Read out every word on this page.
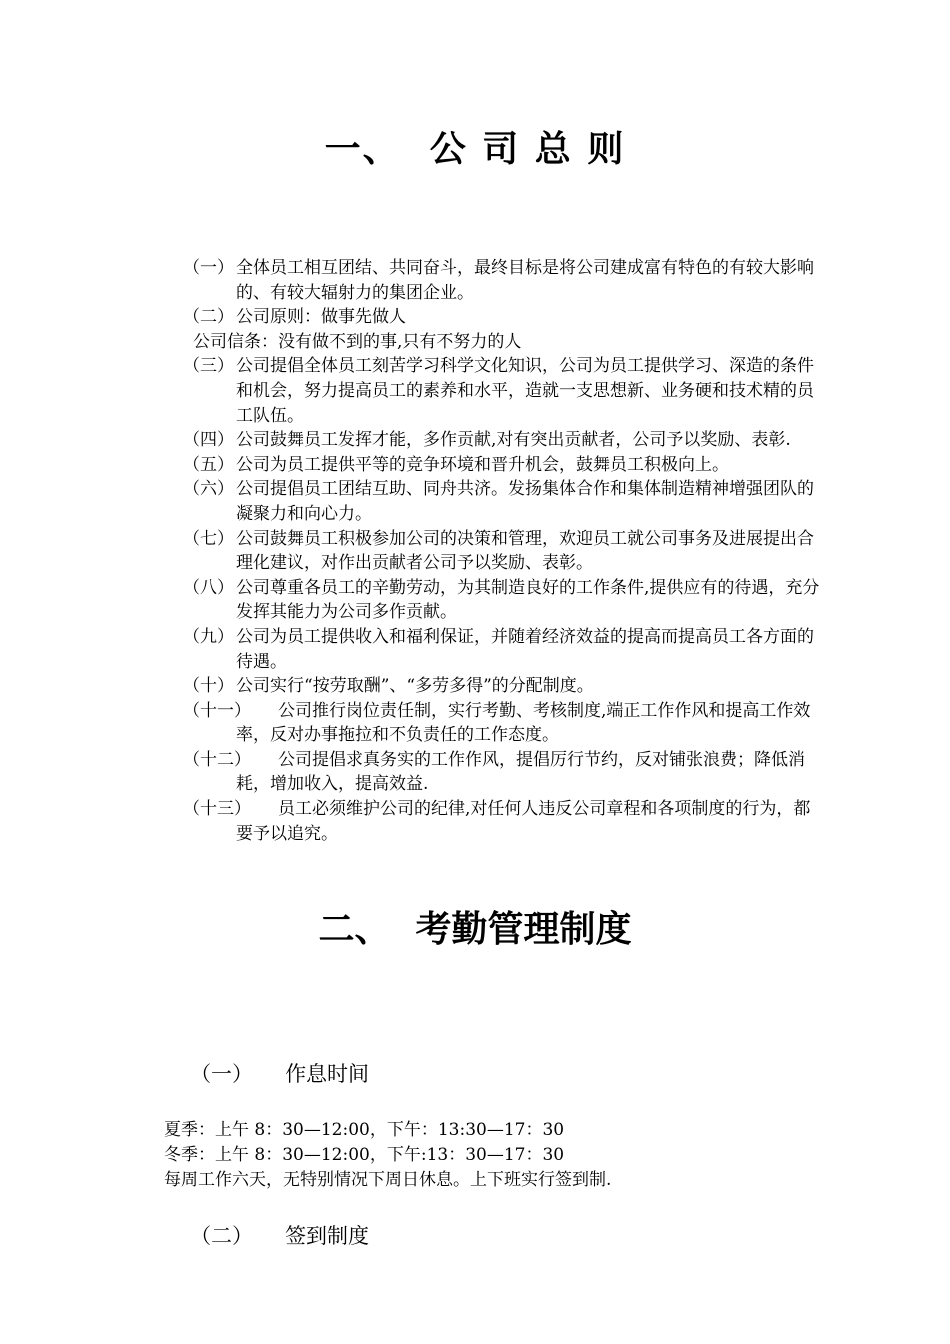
一、  公 司 总 则
（一） 全体员工相互团结、共同奋斗，最终目标是将公司建成富有特色的有较大影响的、有较大辐射力的集团企业。
（二） 公司原则：做事先做人
公司信条：没有做不到的事,只有不努力的人
（三） 公司提倡全体员工刻苦学习科学文化知识，公司为员工提供学习、深造的条件和机会，努力提高员工的素养和水平，造就一支思想新、业务硬和技术精的员工队伍。
（四） 公司鼓舞员工发挥才能，多作贡献,对有突出贡献者，公司予以奖励、表彰.
（五） 公司为员工提供平等的竞争环境和晋升机会，鼓舞员工积极向上。
（六） 公司提倡员工团结互助、同舟共济。发扬集体合作和集体制造精神增强团队的凝聚力和向心力。
（七） 公司鼓舞员工积极参加公司的决策和管理，欢迎员工就公司事务及进展提出合理化建议，对作出贡献者公司予以奖励、表彰。
（八） 公司尊重各员工的辛勤劳动，为其制造良好的工作条件,提供应有的待遇，充分发挥其能力为公司多作贡献。
（九） 公司为员工提供收入和福利保证，并随着经济效益的提高而提高员工各方面的待遇。
（十） 公司实行“按劳取酬”、“多劳多得”的分配制度。
（十一）	公司推行岗位责任制，实行考勤、考核制度,端正工作作风和提高工作效率，反对办事拖拉和不负责任的工作态度。
（十二）	公司提倡求真务实的工作作风，提倡厉行节约，反对铺张浪费；降低消耗，增加收入，提高效益.
（十三）	员工必须维护公司的纪律,对任何人违反公司章程和各项制度的行为，都要予以追究。
二、  考勤管理制度

（一） 作息时间

夏季：上午 8：30—12:00，下午：13:30—17：30
冬季：上午 8：30—12:00，下午:13：30—17：30
每周工作六天，无特别情况下周日休息。上下班实行签到制.

（二） 签到制度
